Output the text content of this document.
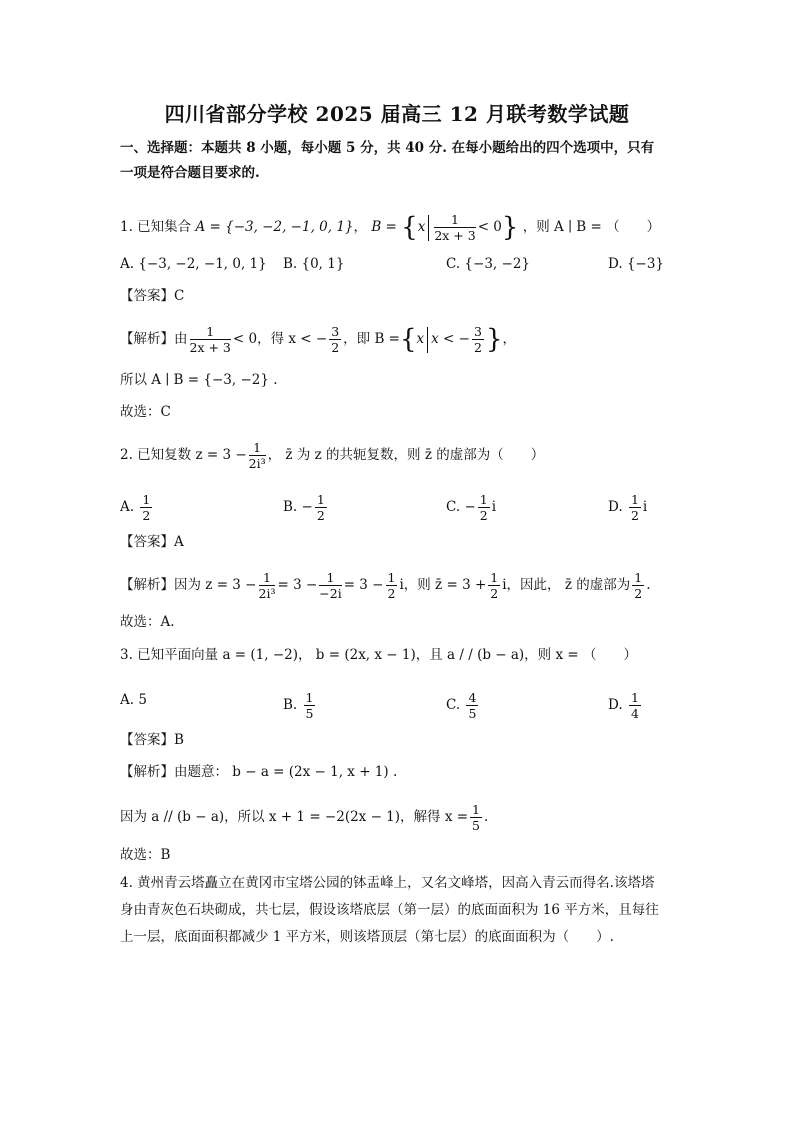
四川省部分学校 2025 届高三 12 月联考数学试题
一、选择题：本题共 8 小题，每小题 5 分，共 40 分. 在每小题给出的四个选项中，只有
一项是符合题目要求的.
1. 已知集合 A = {−3, −2, −1, 0, 1}， $B = \{x \frac{1}{2x + 3} < 0\}$ ，则 A ∣ B = （　　）
A. {−3, −2, −1, 0, 1} B. {0, 1}	C. {−3, −2}	D. {−3}
【答案】C
【解析】由 $\frac{1}{2x + 3} < 0$，得 x < − $\frac{3}{2}$ ，即 B ={x x < − $\frac{3}{2}$ }，
所以 A ∣ B = {−3, −2} .
故选：C
2. 已知复数 $z = 3 - \frac{1}{\text{2i³}}$ ， z̄ 为 z 的共轭复数，则 z̄ 的虚部为（　　）
A. $\frac{1}{2}$	B. − $\frac{1}{2}$	C. − $\frac{1}{2}$ i	D. $\frac{1}{2}$ i
【答案】A
【解析】因为 $z = 3 - \frac{1}{\text{2i³}} = 3 - \frac{1}{-2i} = 3 - \frac{1}{2}$ i，则 z̄ = $3 + \frac{1}{2}$ i，因此， z̄ 的虚部为 $\frac{1}{2}$ .
故选：A.
3. 已知平面向量 a = (1, −2)， b = (2x, x − 1)，且 a / / (b − a)，则 x = （　　）
A. 5	B. $\frac{1}{5}$	C. $\frac{4}{5}$	D. $\frac{1}{4}$
【答案】B
【解析】由题意： b − a = (2x − 1, x + 1) .
因为 a // (b − a)，所以 x + 1 = −2(2x − 1)，解得 $x = \frac{1}{5}$ .
故选：B
4. 黄州青云塔矗立在黄冈市宝塔公园的钵盂峰上，又名文峰塔，因高入青云而得名.该塔塔
身由青灰色石块砌成，共七层，假设该塔底层（第一层）的底面面积为 16 平方米，且每往
上一层，底面面积都减少 1 平方米，则该塔顶层（第七层）的底面面积为（　　）.
